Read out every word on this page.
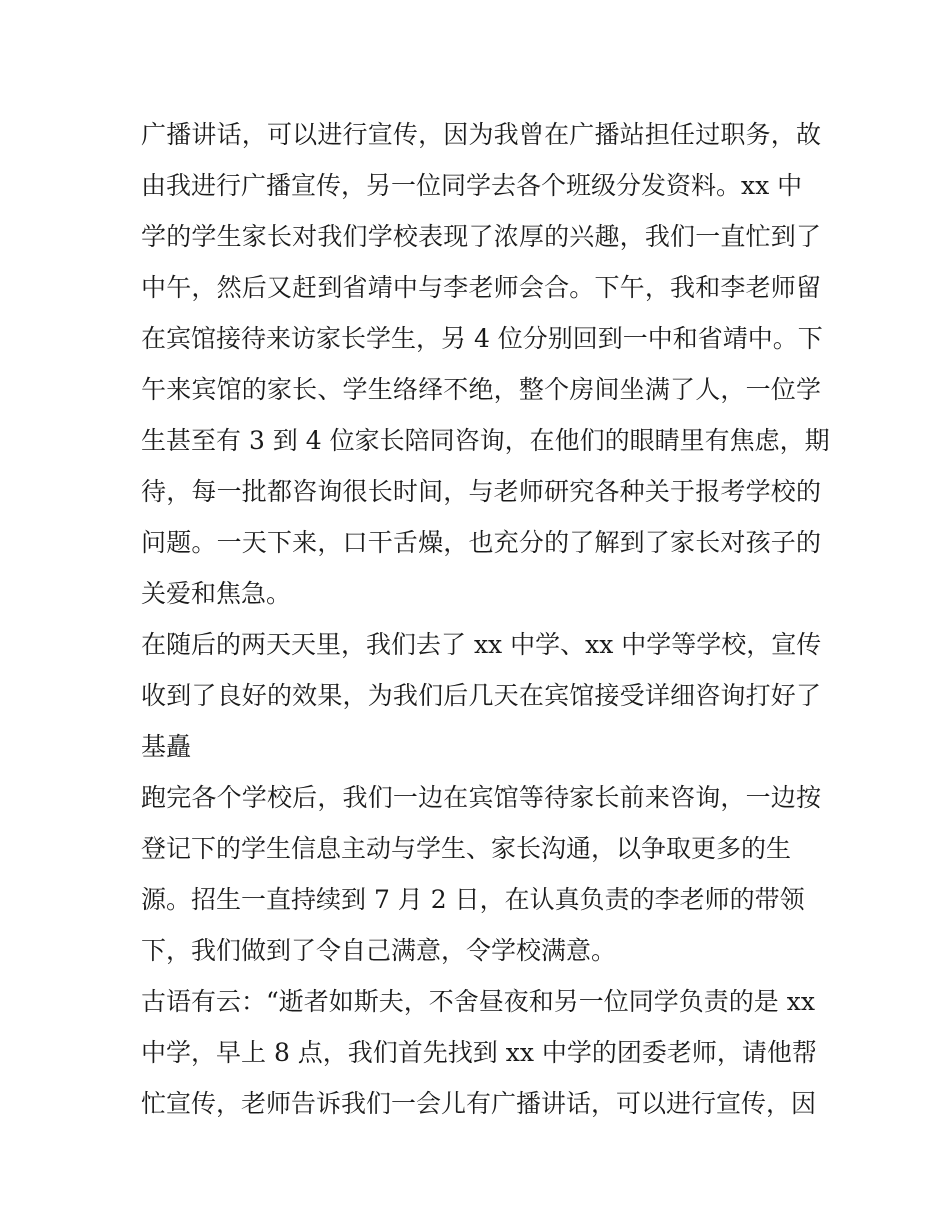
广播讲话，可以进行宣传，因为我曾在广播站担任过职务，故
由我进行广播宣传，另一位同学去各个班级分发资料。xx 中
学的学生家长对我们学校表现了浓厚的兴趣，我们一直忙到了
中午，然后又赶到省靖中与李老师会合。下午，我和李老师留
在宾馆接待来访家长学生，另 4 位分别回到一中和省靖中。下
午来宾馆的家长、学生络绎不绝，整个房间坐满了人，一位学
生甚至有 3 到 4 位家长陪同咨询，在他们的眼睛里有焦虑，期
待，每一批都咨询很长时间，与老师研究各种关于报考学校的
问题。一天下来，口干舌燥，也充分的了解到了家长对孩子的
关爱和焦急。
在随后的两天天里，我们去了 xx 中学、xx 中学等学校，宣传
收到了良好的效果，为我们后几天在宾馆接受详细咨询打好了
基矗
跑完各个学校后，我们一边在宾馆等待家长前来咨询，一边按
登记下的学生信息主动与学生、家长沟通，以争取更多的生
源。招生一直持续到 7 月 2 日，在认真负责的李老师的带领
下，我们做到了令自己满意，令学校满意。
古语有云：“逝者如斯夫，不舍昼夜和另一位同学负责的是 xx
中学，早上 8 点，我们首先找到 xx 中学的团委老师，请他帮
忙宣传，老师告诉我们一会儿有广播讲话，可以进行宣传，因
